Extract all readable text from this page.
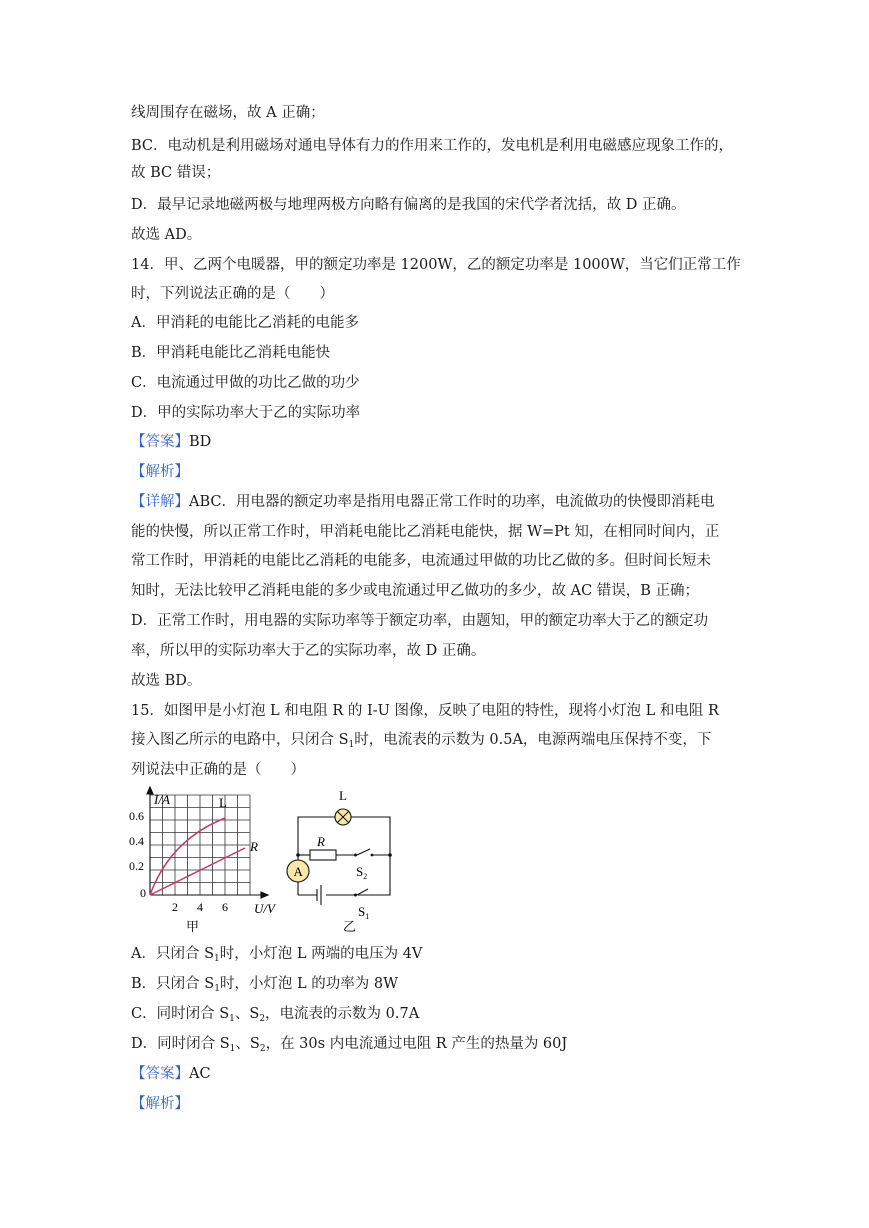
线周围存在磁场，故 A 正确；
BC．电动机是利用磁场对通电导体有力的作用来工作的，发电机是利用电磁感应现象工作的，
故 BC 错误；
D．最早记录地磁两极与地理两极方向略有偏离的是我国的宋代学者沈括，故 D 正确。
故选 AD。
14．甲、乙两个电暖器，甲的额定功率是 1200W，乙的额定功率是 1000W，当它们正常工作
时，下列说法正确的是（　　）
A．甲消耗的电能比乙消耗的电能多
B．甲消耗电能比乙消耗电能快
C．电流通过甲做的功比乙做的功少
D．甲的实际功率大于乙的实际功率
【答案】BD
【解析】
【详解】ABC．用电器的额定功率是指用电器正常工作时的功率，电流做功的快慢即消耗电
能的快慢，所以正常工作时，甲消耗电能比乙消耗电能快，据 W=Pt 知，在相同时间内，正
常工作时，甲消耗的电能比乙消耗的电能多，电流通过甲做的功比乙做的多。但时间长短未
知时，无法比较甲乙消耗电能的多少或电流通过甲乙做功的多少，故 AC 错误，B 正确；
D．正常工作时，用电器的实际功率等于额定功率，由题知，甲的额定功率大于乙的额定功
率，所以甲的实际功率大于乙的实际功率，故 D 正确。
故选 BD。
15．如图甲是小灯泡 L 和电阻 R 的 I-U 图像，反映了电阻的特性，现将小灯泡 L 和电阻 R
接入图乙所示的电路中，只闭合 $S_1$时，电流表的示数为 0.5A，电源两端电压保持不变，下
列说法中正确的是（　　）
I/A
U/V
0.6
0.4
0.2
0
2 4 6
L
R
甲
A
L
R
$S_2$
$S_1$
乙
A．只闭合 $S_1$时，小灯泡 L 两端的电压为 4V
B．只闭合 $S_1$时，小灯泡 L 的功率为 8W
C．同时闭合 $S_1$、$S_2$，电流表的示数为 0.7A
D．同时闭合 $S_1$、$S_2$，在 30s 内电流通过电阻 R 产生的热量为 60J
【答案】AC
【解析】
